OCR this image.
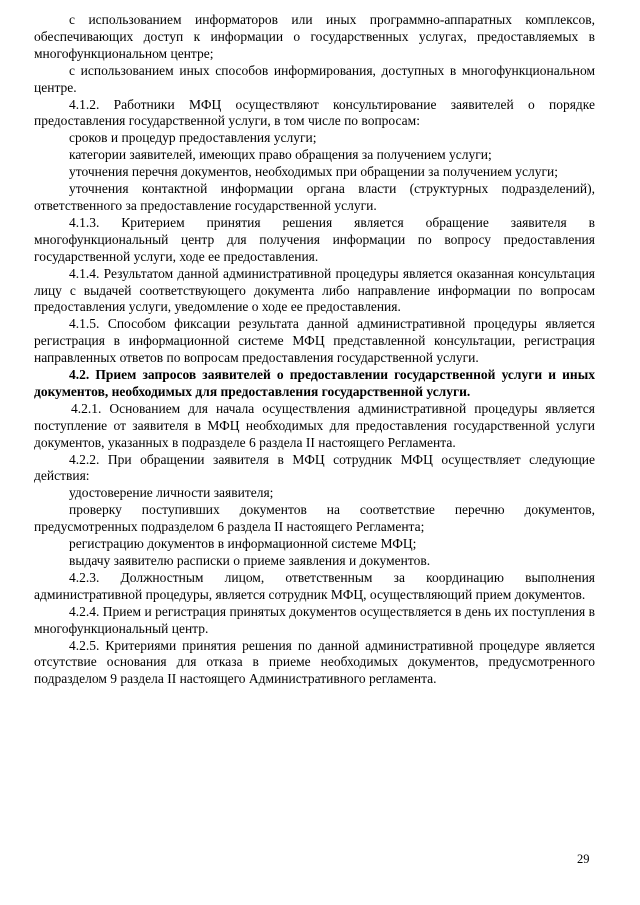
с использованием информаторов или иных программно-аппаратных комплексов, обеспечивающих доступ к информации о государственных услугах, предоставляемых в многофункциональном центре;

с использованием иных способов информирования, доступных в многофункциональном центре.

4.1.2. Работники МФЦ осуществляют консультирование заявителей о порядке предоставления государственной услуги, в том числе по вопросам:

сроков и процедур предоставления услуги;

категории заявителей, имеющих право обращения за получением услуги;

уточнения перечня документов, необходимых при обращении за получением услуги;

уточнения контактной информации органа власти (структурных подразделений), ответственного за предоставление государственной услуги.

4.1.3. Критерием принятия решения является обращение заявителя в многофункциональный центр для получения информации по вопросу предоставления государственной услуги, ходе ее предоставления.

4.1.4. Результатом данной административной процедуры является оказанная консультация лицу с выдачей соответствующего документа либо направление информации по вопросам предоставления услуги, уведомление о ходе ее предоставления.

4.1.5. Способом фиксации результата данной административной процедуры является регистрация в информационной системе МФЦ представленной консультации, регистрация направленных ответов по вопросам предоставления государственной услуги.

4.2. Прием запросов заявителей о предоставлении государственной услуги и иных документов, необходимых для предоставления государственной услуги.

4.2.1. Основанием для начала осуществления административной процедуры является поступление от заявителя в МФЦ необходимых для предоставления государственной услуги документов, указанных в подразделе 6 раздела II настоящего Регламента.

4.2.2. При обращении заявителя в МФЦ сотрудник МФЦ осуществляет следующие действия:

удостоверение личности заявителя;

проверку поступивших документов на соответствие перечню документов, предусмотренных подразделом 6 раздела II настоящего Регламента;

регистрацию документов в информационной системе МФЦ;

выдачу заявителю расписки о приеме заявления и документов.

4.2.3. Должностным лицом, ответственным за координацию выполнения административной процедуры, является сотрудник МФЦ, осуществляющий прием документов.

4.2.4. Прием и регистрация принятых документов осуществляется в день их поступления в многофункциональный центр.

4.2.5. Критериями принятия решения по данной административной процедуре является отсутствие основания для отказа в приеме необходимых документов, предусмотренного подразделом 9 раздела II настоящего Административного регламента.

29
